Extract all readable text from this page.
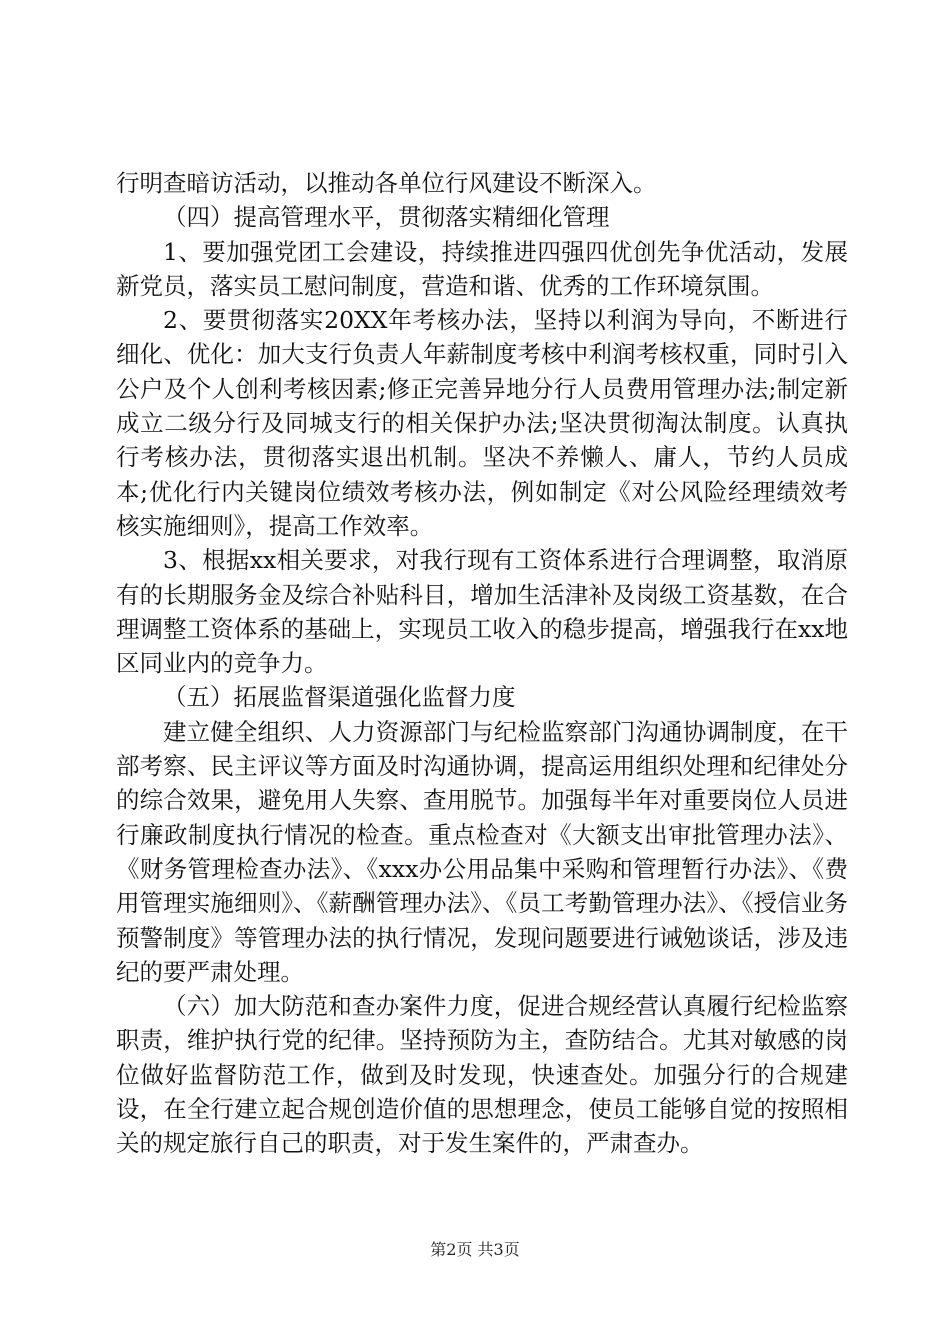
行明查暗访活动，以推动各单位行风建设不断深入。

（四）提高管理水平，贯彻落实精细化管理

1、要加强党团工会建设，持续推进四强四优创先争优活动，发展新党员，落实员工慰问制度，营造和谐、优秀的工作环境氛围。

2、要贯彻落实20XX年考核办法，坚持以利润为导向，不断进行细化、优化：加大支行负责人年薪制度考核中利润考核权重，同时引入公户及个人创利考核因素;修正完善异地分行人员费用管理办法;制定新成立二级分行及同城支行的相关保护办法;坚决贯彻淘汰制度。认真执行考核办法，贯彻落实退出机制。坚决不养懒人、庸人，节约人员成本;优化行内关键岗位绩效考核办法，例如制定《对公风险经理绩效考核实施细则》，提高工作效率。

3、根据xx相关要求，对我行现有工资体系进行合理调整，取消原有的长期服务金及综合补贴科目，增加生活津补及岗级工资基数，在合理调整工资体系的基础上，实现员工收入的稳步提高，增强我行在xx地区同业内的竞争力。

（五）拓展监督渠道强化监督力度

建立健全组织、人力资源部门与纪检监察部门沟通协调制度，在干部考察、民主评议等方面及时沟通协调，提高运用组织处理和纪律处分的综合效果，避免用人失察、查用脱节。加强每半年对重要岗位人员进行廉政制度执行情况的检查。重点检查对《大额支出审批管理办法》、《财务管理检查办法》、《xxx办公用品集中采购和管理暂行办法》、《费用管理实施细则》、《薪酬管理办法》、《员工考勤管理办法》、《授信业务预警制度》等管理办法的执行情况，发现问题要进行诫勉谈话，涉及违纪的要严肃处理。

（六）加大防范和查办案件力度，促进合规经营认真履行纪检监察职责，维护执行党的纪律。坚持预防为主，查防结合。尤其对敏感的岗位做好监督防范工作，做到及时发现，快速查处。加强分行的合规建设，在全行建立起合规创造价值的思想理念，使员工能够自觉的按照相关的规定旅行自己的职责，对于发生案件的，严肃查办。

第2页 共3页
